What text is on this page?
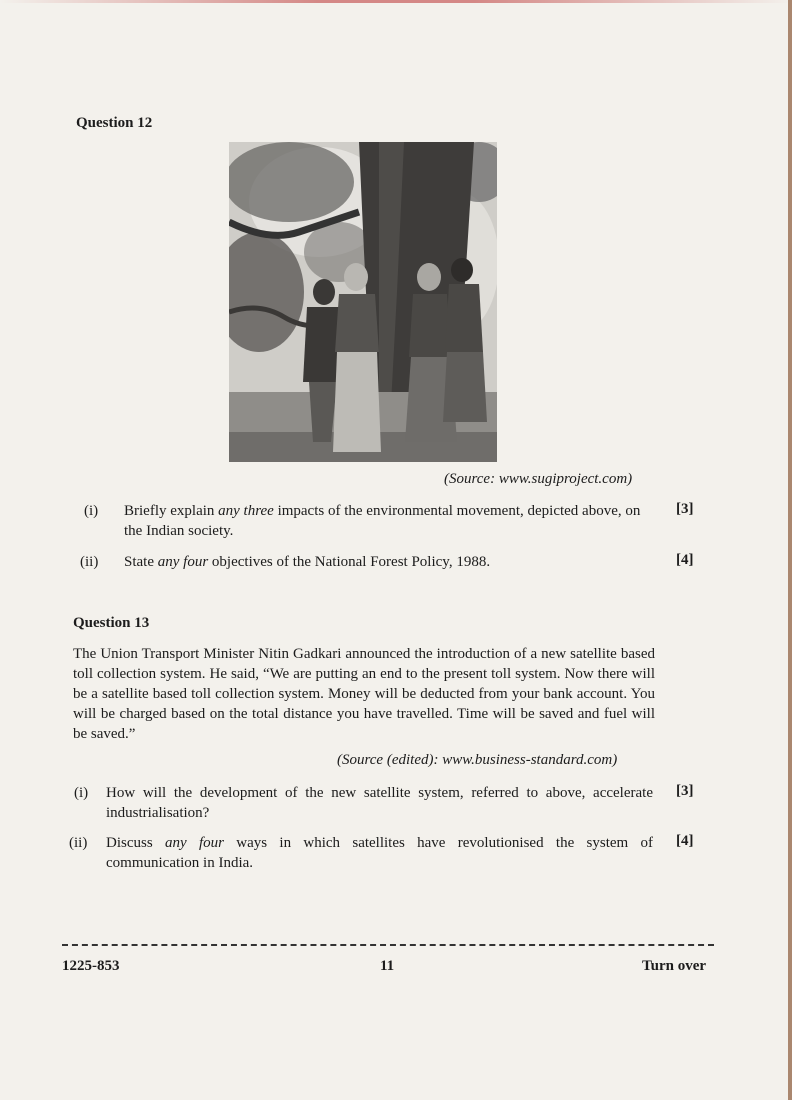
Question 12
(Source: www.sugiproject.com)
(i) Briefly explain any three impacts of the environmental movement, depicted above, on the Indian society.
[3]
(ii) State any four objectives of the National Forest Policy, 1988.	[4]
Question 13
The Union Transport Minister Nitin Gadkari announced the introduction of a new satellite based toll collection system. He said, “We are putting an end to the present toll system. Now there will be a satellite based toll collection system. Money will be deducted from your bank account. You will be charged based on the total distance you have travelled. Time will be saved and fuel will be saved.”
(Source (edited): www.business-standard.com)
(i) How will the development of the new satellite system, referred to above, accelerate industrialisation?
[3]
(ii) Discuss any four ways in which satellites have revolutionised the system of communication in India.
[4]
1225-853	11	Turn over
